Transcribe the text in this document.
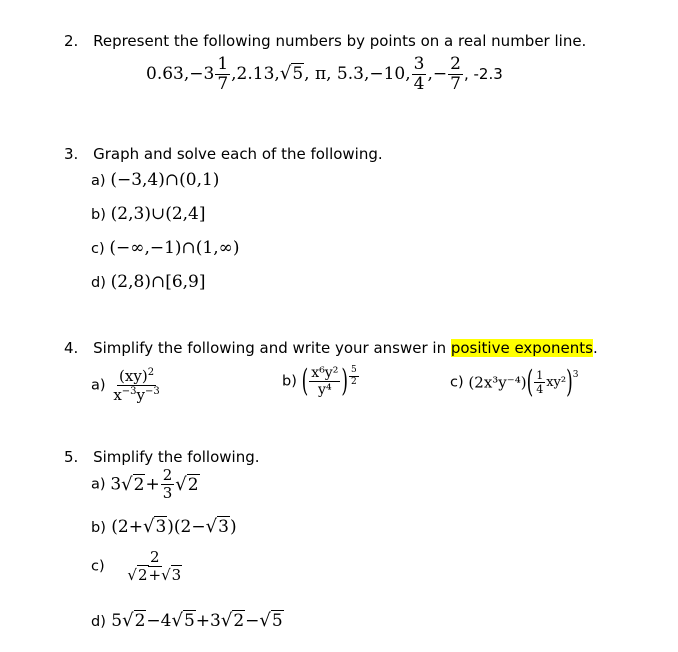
2. Represent the following numbers by points on a real number line.
$0.63,-3 \frac{1}{7} ,2.13,√5$, π, 5.3,−10, $\frac{3}{4}$ ,− $\frac{2}{7}$ , -2.3
3. Graph and solve each of the following.
a) (−3,4)∩(0,1)
b) (2,3)∪(2,4]
c) (−∞,−1)∩(1,∞)
d) (2,8)∩[6,9]
4. Simplify the following and write your answer in positive exponents.
$a) \frac{(xy)^2}{x^{-3}y^{-3}}$	b) ( $\frac{\text{x⁶y²}}{\text{y⁴}}$ ) $\frac{5}{2}$	c) $(2x^3y^{-4})( \frac{1}{4} xy^2)^3$
5. Simplify the following.
a) $3√2+ \frac{2}{3} √2$
b) (2+√3)(2−√3)
$c) \frac{2}{√2+√3}$
d) 5√2−4√5+3√2−√5
